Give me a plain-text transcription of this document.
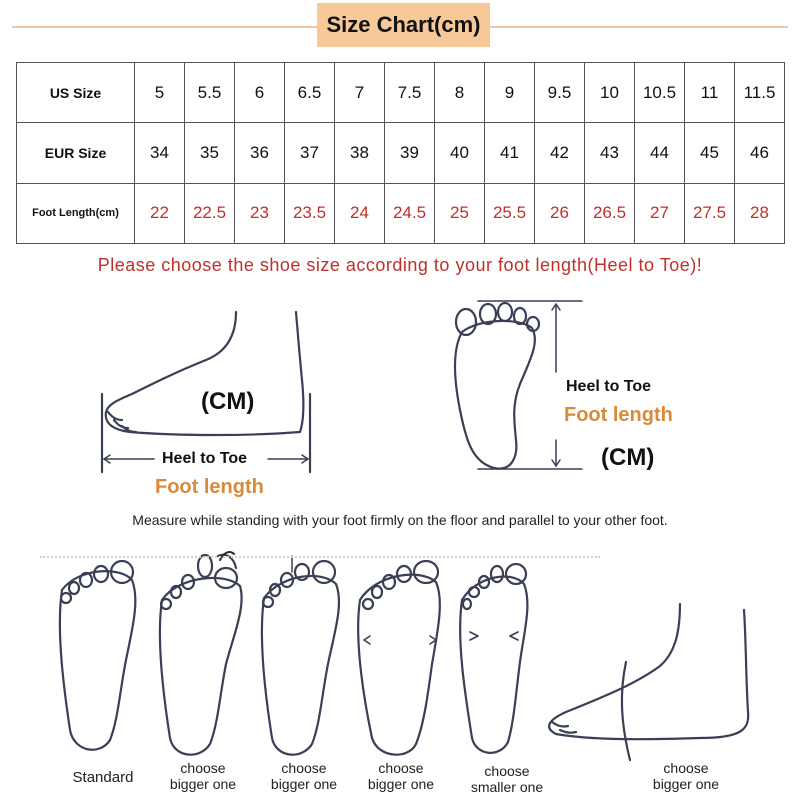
Size Chart(cm)
US Size	5	5.5	6	6.5	7	7.5	8	9	9.5	10	10.5	11	11.5
EUR Size	34	35	36	37	38	39	40	41	42	43	44	45	46
Foot Length(cm)	22	22.5	23	23.5	24	24.5	25	25.5	26	26.5	27	27.5	28
Please choose the shoe size according to your foot length(Heel to Toe)!
(CM)
Heel to Toe
Foot length
Heel to Toe
Foot length
(CM)
Measure while standing with your foot firmly on the floor and parallel to your other foot.
Standard
choose
bigger one
choose
bigger one
choose
bigger one
choose
smaller one
choose
bigger one
